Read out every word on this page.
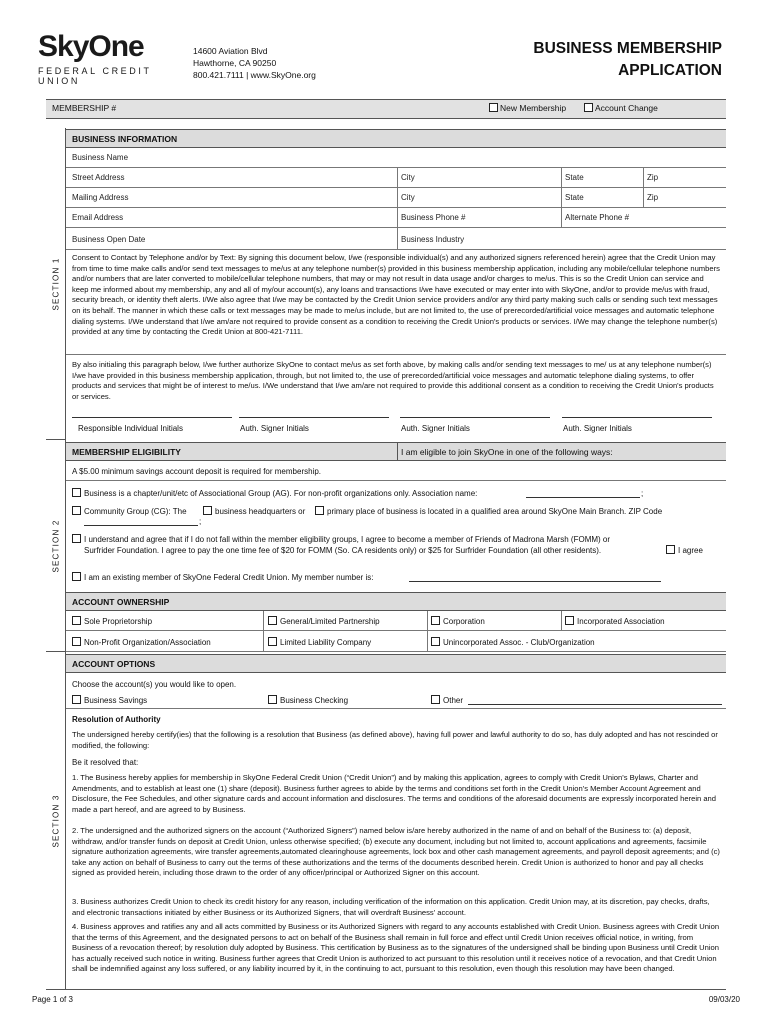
SkyOne
FEDERAL CREDIT UNION
14600 Aviation Blvd
Hawthorne, CA 90250
800.421.7111 | www.SkyOne.org
BUSINESS MEMBERSHIP
APPLICATION
MEMBERSHIP #	New Membership	Account Change
SECTION 1
SECTION 2
SECTION 3
BUSINESS INFORMATION
Business Name
Street Address	City	State	Zip
Mailing Address	City	State	Zip
Email Address	Business Phone #	Alternate Phone #
Business Open Date	Business Industry
Consent to Contact by Telephone and/or by Text: By signing this document below, I/we (responsible individual(s) and any authorized signers referenced herein) agree that the Credit Union may from time to time make calls and/or send text messages to me/us at any telephone number(s) provided in this business membership application, including any mobile/cellular telephone numbers and/or numbers that are later converted to mobile/cellular telephone numbers, that may or may not result in data usage and/or charges to me/us. This is so the Credit Union can service and keep me informed about my membership, any and all of my/our account(s), any loans and transactions I/we have executed or may enter into with SkyOne, and/or to provide me/us with fraud, security breach, or identity theft alerts. I/We also agree that I/we may be contacted by the Credit Union service providers and/or any third party making such calls or sending such text messages on its behalf. The manner in which these calls or text messages may be made to me/us include, but are not limited to, the use of prerecorded/artificial voice messages and automatic telephone dialing systems. I/We understand that I/we am/are not required to provide consent as a condition to receiving the Credit Union's products or services. I/We may change the telephone number(s) provided at any time by contacting the Credit Union at 800-421-7111.
By also initialing this paragraph below, I/we further authorize SkyOne to contact me/us as set forth above, by making calls and/or sending text messages to me/ us at any telephone number(s) I/we have provided in this business membership application, through, but not limited to, the use of prerecorded/artificial voice messages and automatic telephone dialing systems, to offer products and services that might be of interest to me/us. I/We understand that I/we am/are not required to provide this additional consent as a condition to receiving the Credit Union's products or services.
Responsible Individual Initials	Auth. Signer Initials	Auth. Signer Initials	Auth. Signer Initials
MEMBERSHIP ELIGIBILITY	I am eligible to join SkyOne in one of the following ways:
A $5.00 minimum savings account deposit is required for membership.
Business is a chapter/unit/etc of Associational Group (AG). For non-profit organizations only. Association name:	;
Community Group (CG): The	business headquarters or	primary place of business is located in a qualified area around SkyOne Main Branch. ZIP Code
;
I understand and agree that if I do not fall within the member eligibility groups, I agree to become a member of Friends of Madrona Marsh (FOMM) or
Surfrider Foundation. I agree to pay the one time fee of $20 for FOMM (So. CA residents only) or $25 for Surfrider Foundation (all other residents).	I agree
I am an existing member of SkyOne Federal Credit Union. My member number is:
ACCOUNT OWNERSHIP
Sole Proprietorship	General/Limited Partnership	Corporation	Incorporated Association
Non-Profit Organization/Association	Limited Liability Company	Unincorporated Assoc. - Club/Organization
ACCOUNT OPTIONS
Choose the account(s) you would like to open.
Business Savings	Business Checking	Other
Resolution of Authority
The undersigned hereby certify(ies) that the following is a resolution that Business (as defined above), having full power and lawful authority to do so, has duly adopted and has not rescinded or modified, the following:
Be it resolved that:
1. The Business hereby applies for membership in SkyOne Federal Credit Union (“Credit Union”) and by making this application, agrees to comply with Credit Union's Bylaws, Charter and Amendments, and to establish at least one (1) share (deposit). Business further agrees to abide by the terms and conditions set forth in the Credit Union's Member Account Agreement and Disclosure, the Fee Schedules, and other signature cards and account information and disclosures. The terms and conditions of the aforesaid documents are expressly incorporated herein and made a part hereof, and are agreed to by Business.
2. The undersigned and the authorized signers on the account (“Authorized Signers”) named below is/are hereby authorized in the name of and on behalf of the Business to: (a) deposit, withdraw, and/or transfer funds on deposit at Credit Union, unless otherwise specified; (b) execute any document, including but not limited to, account applications and agreements, facsimile signature authorization agreements, wire transfer agreements,automated clearinghouse agreements, lock box and other cash management agreements, and payroll deposit agreements; and (c) take any action on behalf of Business to carry out the terms of these authorizations and the terms of the documents described herein. Credit Union is authorized to honor and pay all checks signed as provided herein, including those drawn to the order of any officer/principal or Authorized Signer on this account.
3. Business authorizes Credit Union to check its credit history for any reason, including verification of the information on this application. Credit Union may, at its discretion, pay checks, drafts, and electronic transactions initiated by either Business or its Authorized Signers, that will overdraft Business' account.
4. Business approves and ratifies any and all acts committed by Business or its Authorized Signers with regard to any accounts established with Credit Union. Business agrees with Credit Union that the terms of this Agreement, and the designated persons to act on behalf of the Business shall remain in full force and effect until Credit Union receives official notice, in writing, from Business of a revocation thereof; by resolution duly adopted by Business. This certification by Business as to the signatures of the undersigned shall be binding upon Business until Credit Union has actually received such notice in writing. Business further agrees that Credit Union is authorized to act pursuant to this resolution until it receives notice of a revocation, and that Credit Union shall be indemnified against any loss suffered, or any liability incurred by it, in the continuing to act, pursuant to this resolution, even though this resolution may have been changed.
Page 1 of 3	09/03/20
